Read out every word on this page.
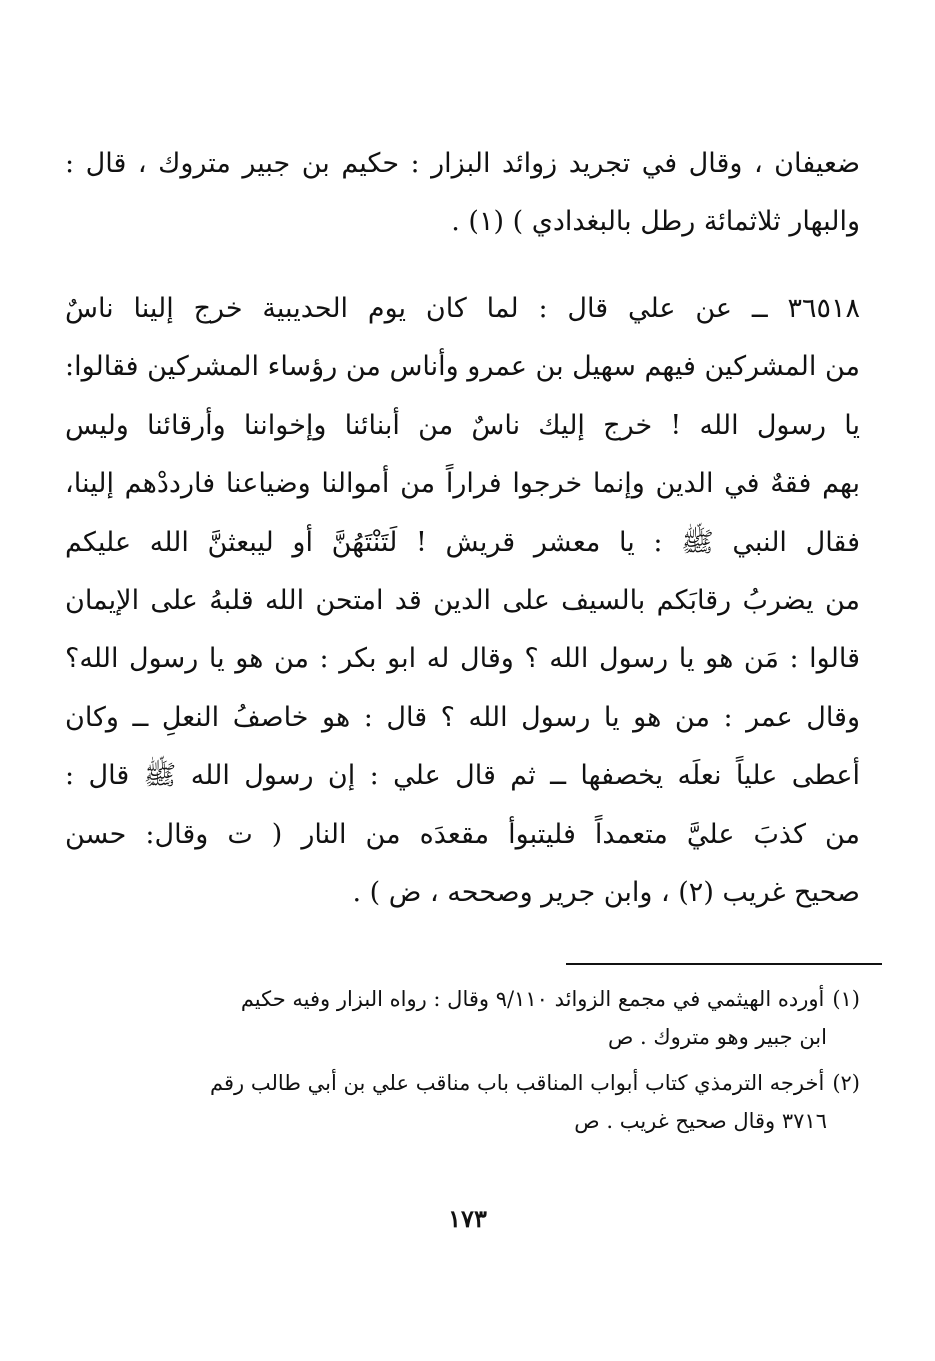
ضعيفان ، وقال في تجريد زوائد البزار : حكيم بن جبير متروك ، قال :
والبهار ثلاثمائة رطل بالبغدادي ) (١) .
٣٦٥١٨ ــ عن علي قال : لما كان يوم الحديبية خرج إلينا ناسٌ
من المشركين فيهم سهيل بن عمرو وأناس من رؤساء المشركين فقالوا:
يا رسول الله ! خرج إليك ناسٌ من أبنائنا وإخواننا وأرقائنا وليس
بهم فقهٌ في الدين وإنما خرجوا فراراً من أموالنا وضياعنا فارددْهم إلينا،
فقال النبي ﷺ : يا معشر قريش ! لَتَنْتَهُنَّ أو ليبعثنَّ الله عليكم
من يضربُ رقابَكم بالسيف على الدين قد امتحن الله قلبهُ على الإيمان
قالوا : مَن هو يا رسول الله ؟ وقال له ابو بكر : من هو يا رسول الله؟
وقال عمر : من هو يا رسول الله ؟ قال : هو خاصفُ النعلِ ــ وكان
أعطى علياً نعلَه يخصفها ــ ثم قال علي : إن رسول الله ﷺ قال :
من كذبَ عليَّ متعمداً فليتبوأ مقعدَه من النار ( ت وقال: حسن
صحيح غريب (٢) ، وابن جرير وصححه ، ض ) .
(١)أورده الهيثمي في مجمع الزوائد ٩/١١٠ وقال : رواه البزار وفيه حكيم
ابن جبير وهو متروك . ص
(٢)أخرجه الترمذي كتاب أبواب المناقب باب مناقب علي بن أبي طالب رقم
٣٧١٦ وقال صحيح غريب . ص
١٧٣
